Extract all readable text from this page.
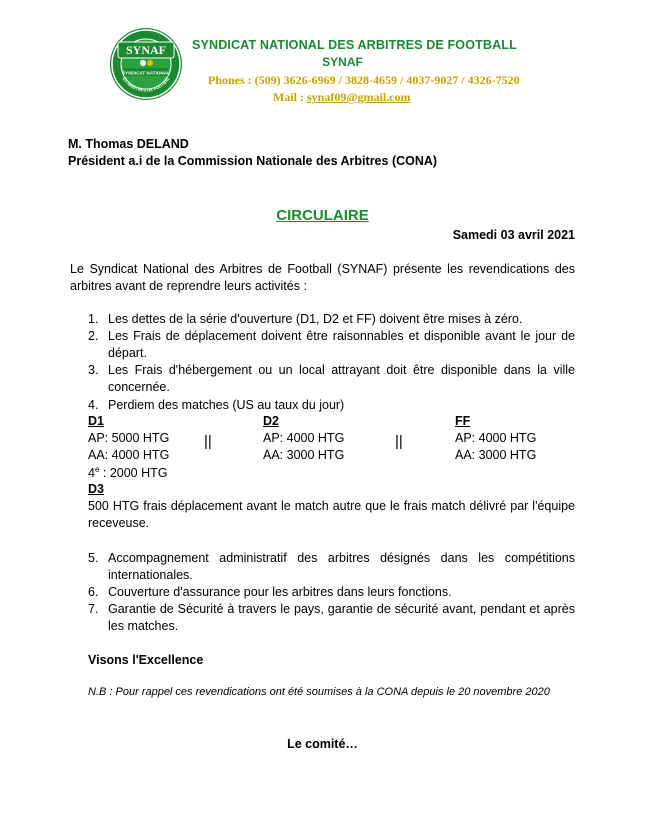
SYNAF
SYNDICAT NATIONAL
ES ARBITRES DE FOOTBAL
SYNDICAT NATIONAL DES ARBITRES DE FOOTBALL
SYNAF
Phones : (509) 3626-6969 / 3828-4659 / 4037-9027 / 4326-7520
Mail : synaf09@gmail.com
M. Thomas DELAND
Président a.i de la Commission Nationale des Arbitres (CONA)
CIRCULAIRE
Samedi 03 avril 2021
Le Syndicat National des Arbitres de Football (SYNAF) présente les revendications des arbitres avant de reprendre leurs activités :
1. Les dettes de la série d'ouverture (D1, D2 et FF) doivent être mises à zéro.
2. Les Frais de déplacement doivent être raisonnables et disponible avant le jour de départ.
3. Les Frais d'hébergement ou un local attrayant doit être disponible dans la ville concernée.
4. Perdiem des matches (US au taux du jour)
D1
AP: 5000 HTG
AA: 4000 HTG
4e : 2000 HTG
||
D2
AP: 4000 HTG
AA: 3000 HTG
||
FF
AP: 4000 HTG
AA: 3000 HTG
D3
500 HTG frais déplacement avant le match autre que le frais match délivré par l'équipe receveuse.
5. Accompagnement administratif des arbitres désignés dans les compétitions internationales.
6. Couverture d'assurance pour les arbitres dans leurs fonctions.
7. Garantie de Sécurité à travers le pays, garantie de sécurité avant, pendant et après les matches.
Visons l'Excellence
N.B : Pour rappel ces revendications ont été soumises à la CONA depuis le 20 novembre 2020
Le comité…
